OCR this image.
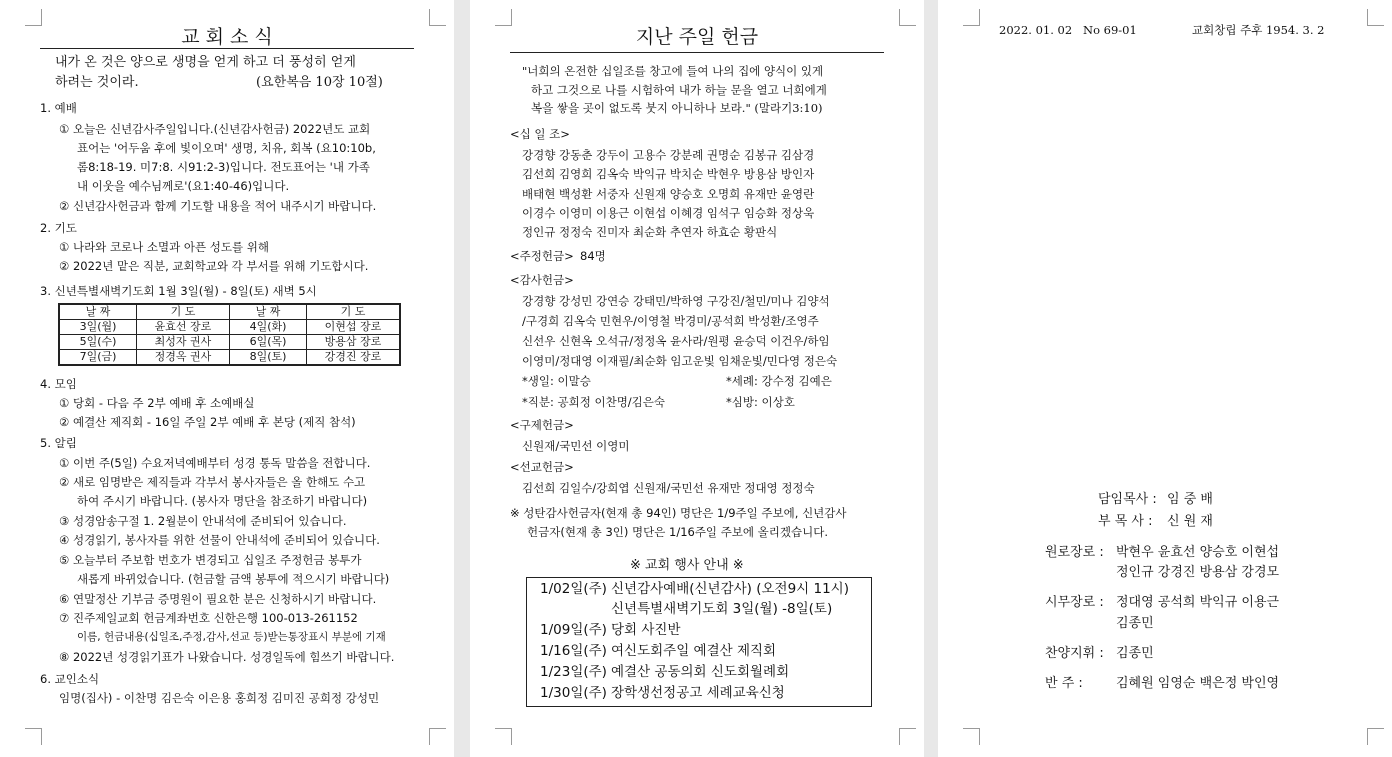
교 회 소 식
내가 온 것은 양으로 생명을 얻게 하고 더 풍성히 얻게
하려는 것이라.	(요한복음 10장 10절)
1. 예배
① 오늘은 신년감사주일입니다.(신년감사헌금) 2022년도 교회
표어는 '어두움 후에 빛이오며' 생명, 치유, 회복 (요10:10b,
롬8:18-19. 미7:8. 시91:2-3)입니다. 전도표어는 '내 가족
내 이웃을 예수님께로'(요1:40-46)입니다.
② 신년감사헌금과 함께 기도할 내용을 적어 내주시기 바랍니다.
2. 기도
① 나라와 코로나 소멸과 아픈 성도를 위해
② 2022년 맡은 직분, 교회학교와 각 부서를 위해 기도합시다.
3. 신년특별새벽기도회 1월 3일(월) - 8일(토) 새벽 5시
날 짜	기 도	날 짜	기 도
3일(월)	윤효선 장로	4일(화)	이현섭 장로
5일(수)	최성자 권사	6일(목)	방용삼 장로
7일(금)	정경옥 권사	8일(토)	강경진 장로
4. 모임
① 당회 - 다음 주 2부 예배 후 소예배실
② 예결산 제직회 - 16일 주일 2부 예배 후 본당 (제직 참석)
5. 알림
① 이번 주(5일) 수요저녁예배부터 성경 통독 말씀을 전합니다.
② 새로 임명받은 제직들과 각부서 봉사자들은 올 한해도 수고
하여 주시기 바랍니다. (봉사자 명단을 참조하기 바랍니다)
③ 성경암송구절 1. 2월분이 안내석에 준비되어 있습니다.
④ 성경읽기, 봉사자를 위한 선물이 안내석에 준비되어 있습니다.
⑤ 오늘부터 주보함 번호가 변경되고 십일조 주정헌금 봉투가
새롭게 바뀌었습니다. (헌금할 금액 봉투에 적으시기 바랍니다)
⑥ 연말정산 기부금 증명원이 필요한 분은 신청하시기 바랍니다.
⑦ 진주제일교회 헌금계좌번호 신한은행 100-013-261152
이름, 헌금내용(십일조,주정,감사,선교 등)받는통장표시 부분에 기재
⑧ 2022년 성경읽기표가 나왔습니다. 성경일독에 힘쓰기 바랍니다.
6. 교인소식
임명(집사) - 이찬명 김은숙 이은용 홍희정 김미진 공희정 강성민
지난 주일 헌금
"너희의 온전한 십일조를 창고에 들여 나의 집에 양식이 있게
하고 그것으로 나를 시험하여 내가 하늘 문을 열고 너희에게
복을 쌓을 곳이 없도록 붓지 아니하나 보라." (말라기3:10)
<십 일 조>
강경향 강동춘 강두이 고용수 강분례 권명순 김봉규 김삼경
김선희 김영희 김옥숙 박익규 박치순 박현우 방용삼 방인자
배태현 백성환 서중자 신원재 양승호 오명희 유재만 윤영란
이경수 이영미 이용근 이현섭 이혜경 임석구 임승화 정상욱
정인규 정정숙 진미자 최순화 추연자 하효순 황판식
<주정헌금> 84명
<감사헌금>
강경향 강성민 강연승 강태민/박하영 구강진/철민/미나 김양석
/구경희 김옥숙 민현우/이영철 박경미/공석희 박성환/조영주
신선우 신현옥 오석규/정정옥 윤사라/원평 윤승덕 이건우/하임
이영미/정대영 이재필/최순화 임고운빛 임채운빛/민다영 정은숙
*생일: 이말승	*세례: 강수정 김예은
*직분: 공희정 이찬명/김은숙	*심방: 이상호
<구제헌금>
신원재/국민선 이영미
<선교헌금>
김선희 김일수/강희엽 신원재/국민선 유재만 정대영 정정숙
※ 성탄감사헌금자(현재 총 94인) 명단은 1/9주일 주보에, 신년감사
헌금자(현재 총 3인) 명단은 1/16주일 주보에 올리겠습니다.
※ 교회 행사 안내 ※
1/02일(주) 신년감사예배(신년감사) (오전9시 11시)
신년특별새벽기도회 3일(월) -8일(토)
1/09일(주) 당회 사진반
1/16일(주) 여신도회주일 예결산 제직회
1/23일(주) 예결산 공동의회 신도회월례회
1/30일(주) 장학생선정공고 세례교육신청
2022. 01. 02 No 69-01	교회창립 주후 1954. 3. 2
담임목사 : 임 중 배
부 목 사 : 신 원 재
원로장로 : 박현우 윤효선 양승호 이현섭
정인규 강경진 방용삼 강경모
시무장로 : 정대영 공석희 박익규 이용근
김종민
찬양지휘 : 김종민
반 주 :	김혜원 임영순 백은정 박인영
